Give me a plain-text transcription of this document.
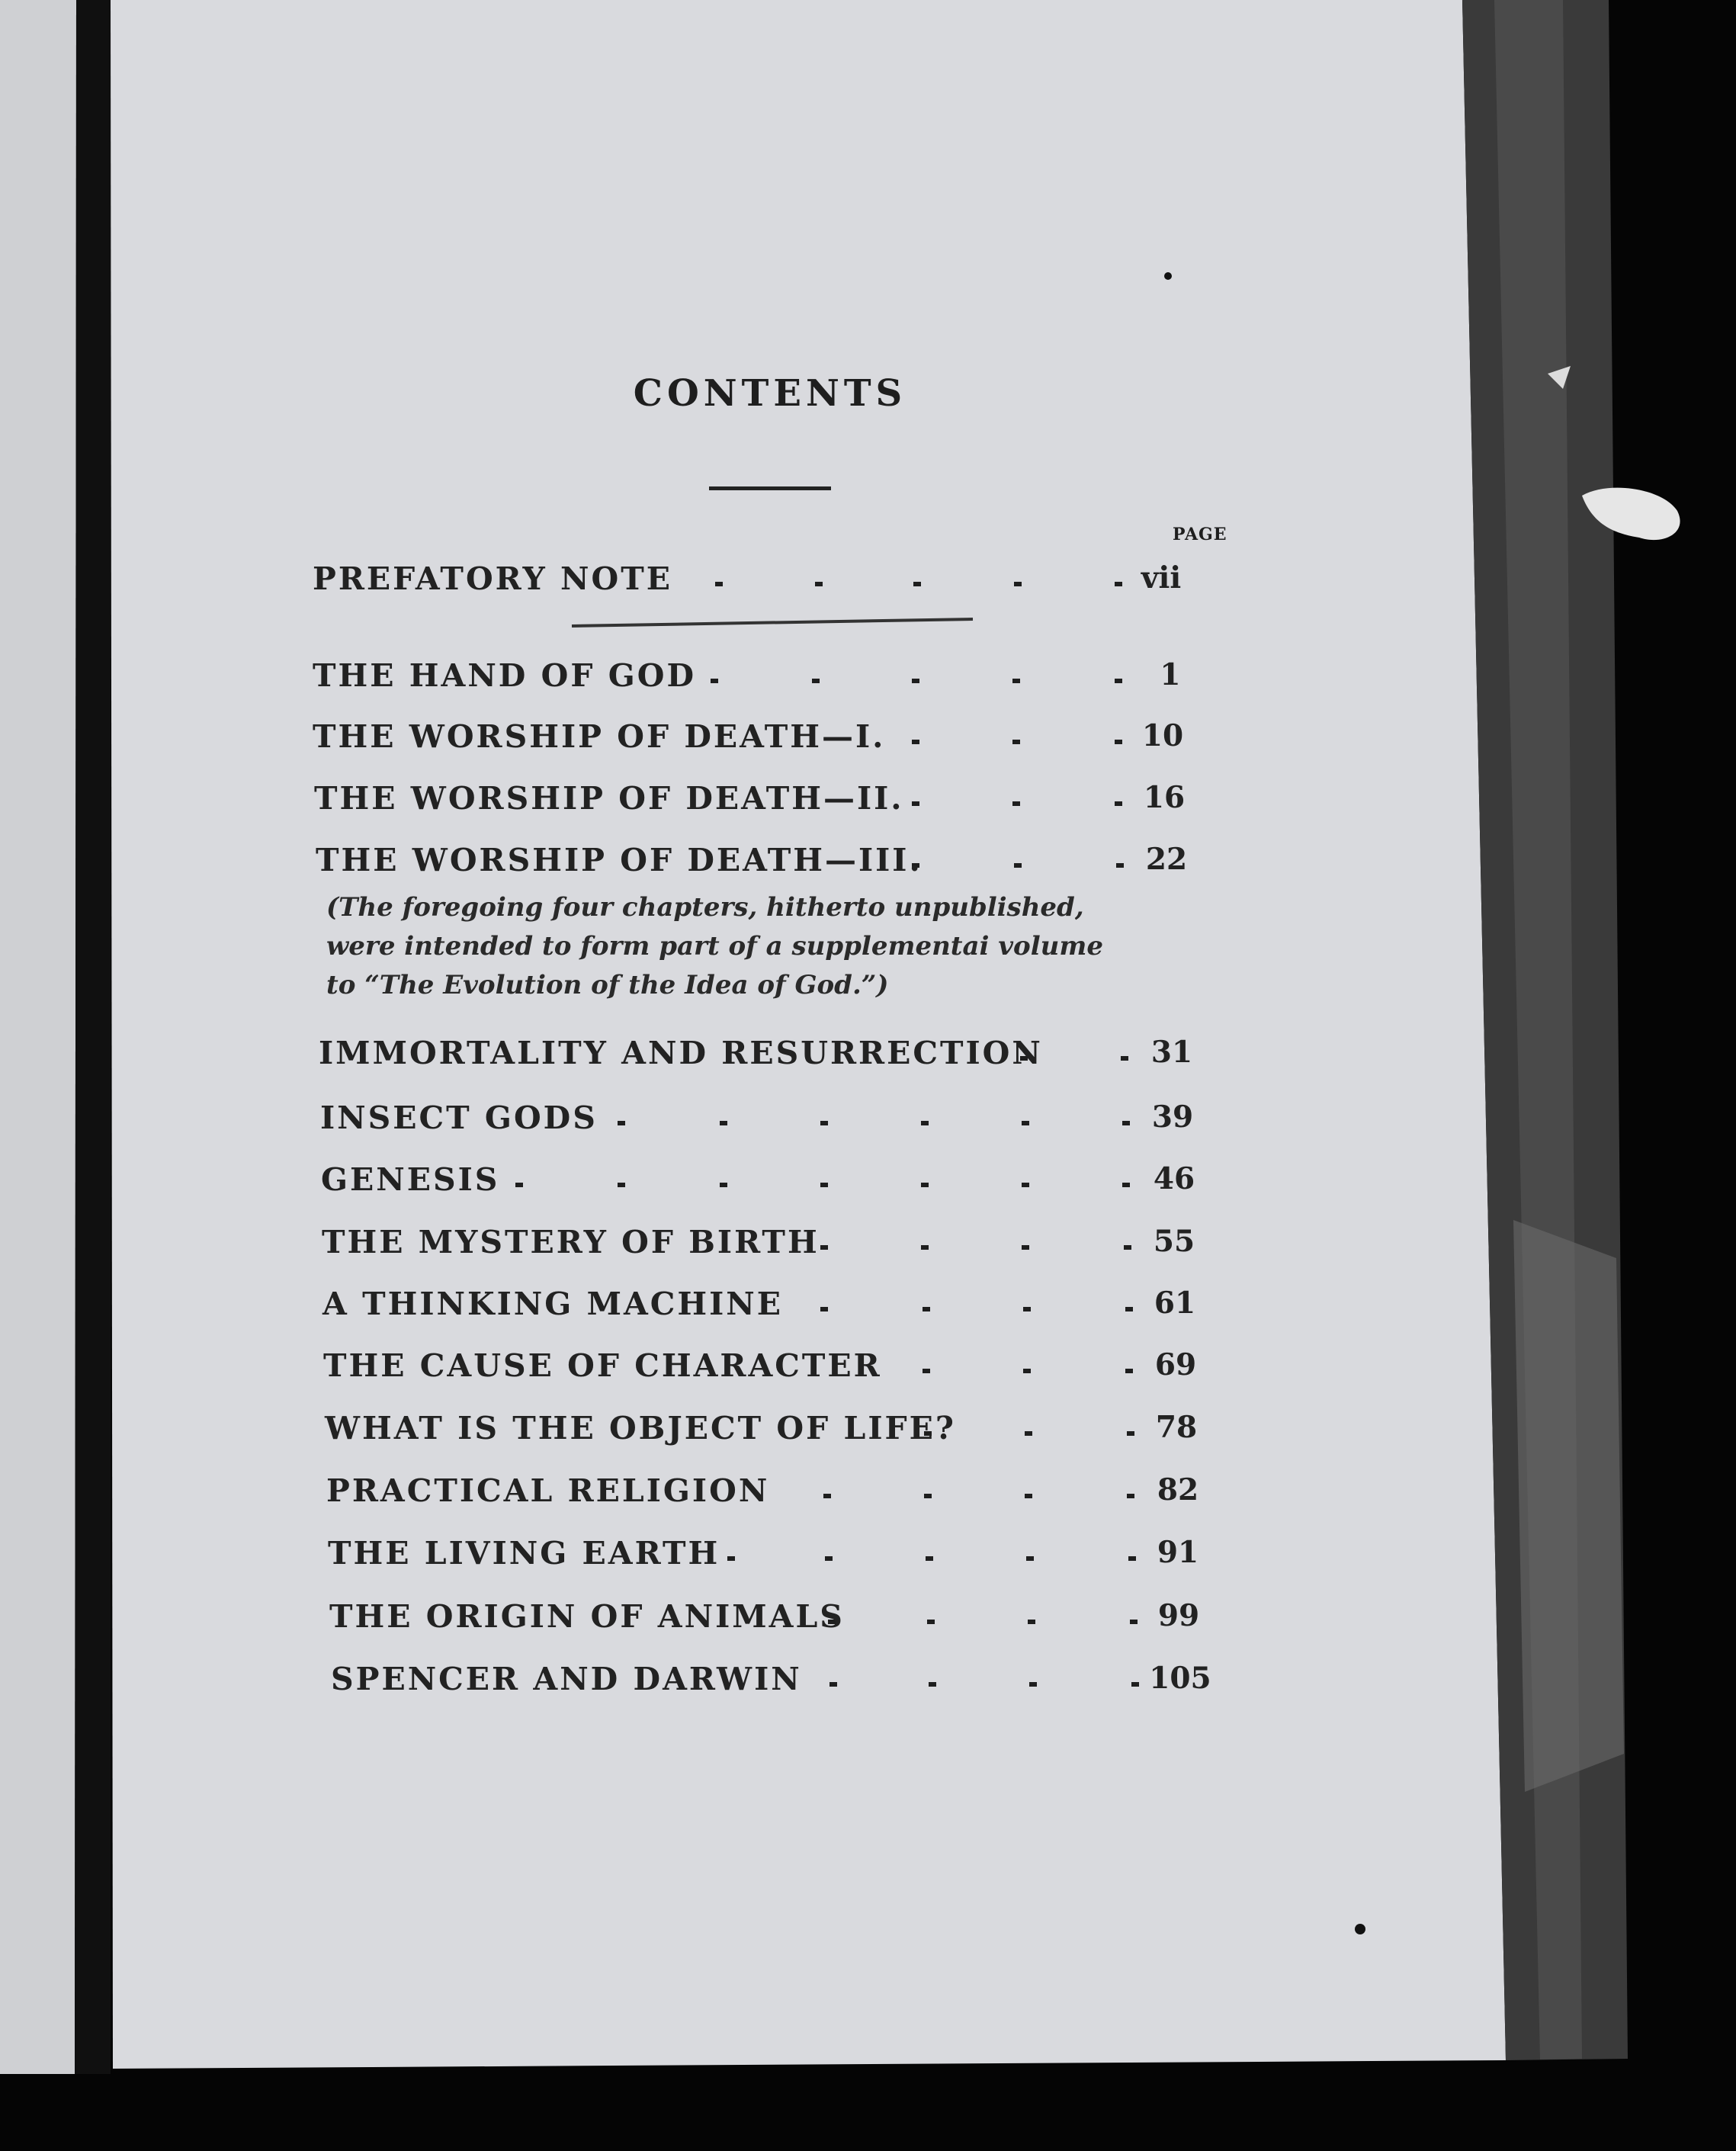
CONTENTS
PAGE
PREFATORY NOTE	vii
THE HAND OF GOD	1
THE WORSHIP OF DEATH—I.	10
THE WORSHIP OF DEATH—II.	16
THE WORSHIP OF DEATH—III.	22
IMMORTALITY AND RESURRECTION	31
INSECT GODS	39
GENESIS	46
THE MYSTERY OF BIRTH	55
A THINKING MACHINE	61
THE CAUSE OF CHARACTER	69
WHAT IS THE OBJECT OF LIFE?	78
PRACTICAL RELIGION	82
THE LIVING EARTH	91
THE ORIGIN OF ANIMALS	99
SPENCER AND DARWIN	105
(The foregoing four chapters, hitherto unpublished, were intended to form part of a supplementai volume to “The Evolution of the Idea of God.”)
